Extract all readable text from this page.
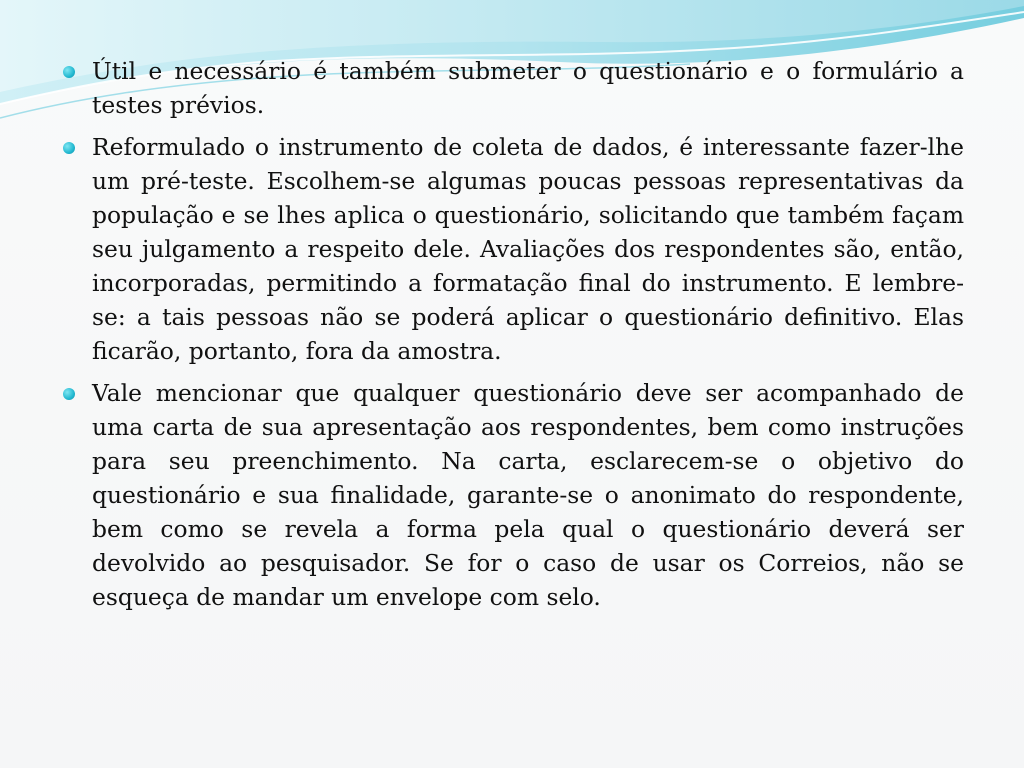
Útil e necessário é também submeter o questionário e o formulário a testes prévios.
Reformulado o instrumento de coleta de dados, é interessante fazer-lhe um pré-teste. Escolhem-se algumas poucas pessoas representativas da população e se lhes aplica o questionário, solicitando que também façam seu julgamento a respeito dele. Avaliações dos respondentes são, então, incorporadas, permitindo a formatação final do instrumento. E lembre-se: a tais pessoas não se poderá aplicar o questionário definitivo. Elas ficarão, portanto, fora da amostra.
Vale mencionar que qualquer questionário deve ser acompanhado de uma carta de sua apresentação aos respondentes, bem como instruções para seu preenchimento. Na carta, esclarecem-se o objetivo do questionário e sua finalidade, garante-se o anonimato do respondente, bem como se revela a forma pela qual o questionário deverá ser devolvido ao pesquisador. Se for o caso de usar os Correios, não se esqueça de mandar um envelope com selo.
